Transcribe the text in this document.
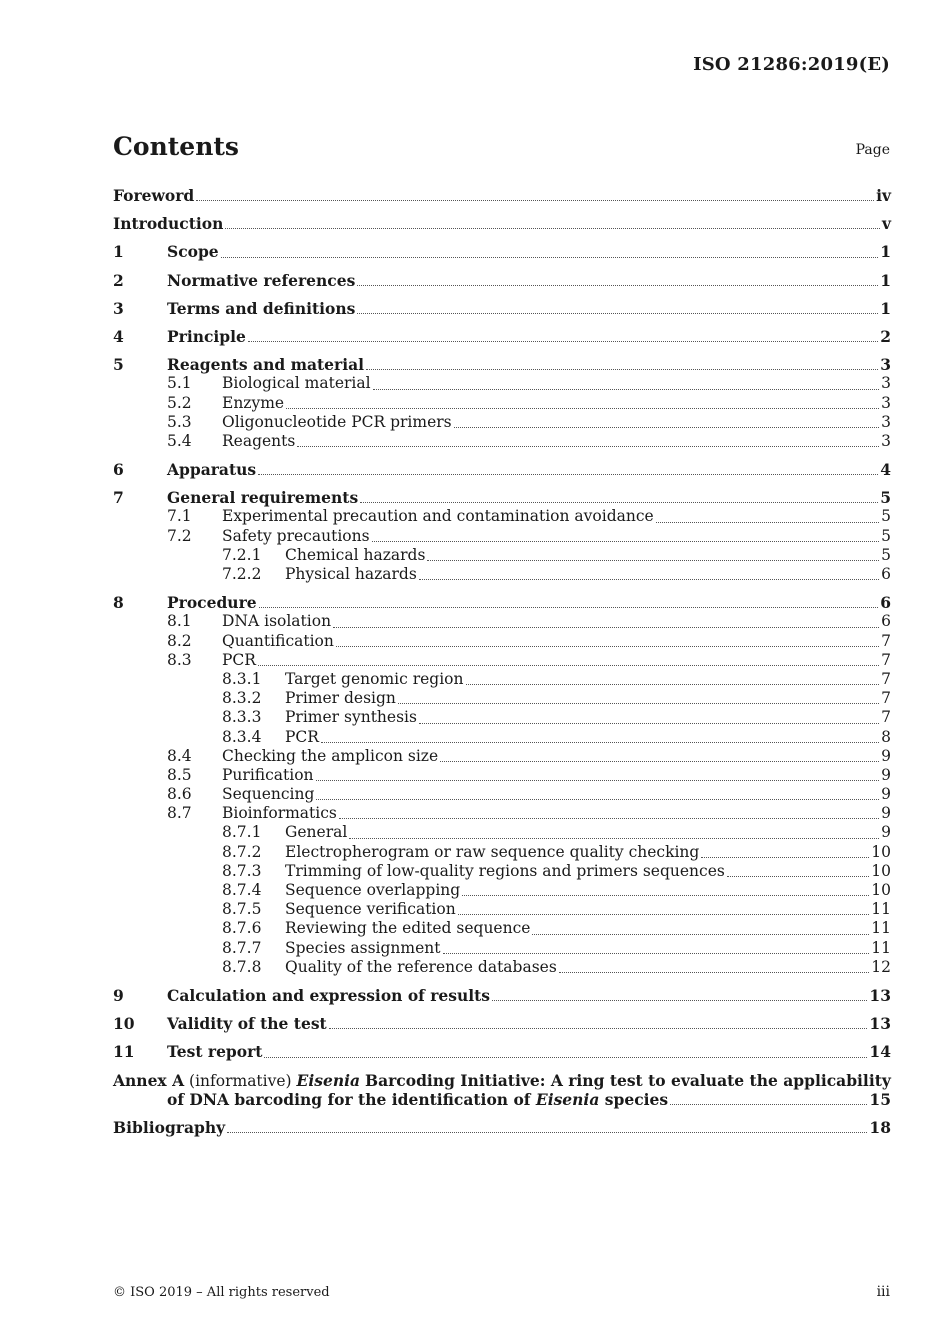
ISO 21286:2019(E)
Contents	Page
Foreword	iv
Introduction	v
1	Scope	1
2	Normative references	1
3	Terms and definitions	1
4	Principle	2
5	Reagents and material	3
5.1	Biological material	3
5.2	Enzyme	3
5.3	Oligonucleotide PCR primers	3
5.4	Reagents	3
6	Apparatus	4
7	General requirements	5
7.1	Experimental precaution and contamination avoidance	5
7.2	Safety precautions	5
7.2.1	Chemical hazards	5
7.2.2	Physical hazards	6
8	Procedure	6
8.1	DNA isolation	6
8.2	Quantification	7
8.3	PCR	7
8.3.1	Target genomic region	7
8.3.2	Primer design	7
8.3.3	Primer synthesis	7
8.3.4	PCR	8
8.4	Checking the amplicon size	9
8.5	Purification	9
8.6	Sequencing	9
8.7	Bioinformatics	9
8.7.1	General	9
8.7.2	Electropherogram or raw sequence quality checking	10
8.7.3	Trimming of low-quality regions and primers sequences	10
8.7.4	Sequence overlapping	10
8.7.5	Sequence verification	11
8.7.6	Reviewing the edited sequence	11
8.7.7	Species assignment	11
8.7.8	Quality of the reference databases	12
9	Calculation and expression of results	13
10	Validity of the test	13
11	Test report	14
Annex A (informative) Eisenia Barcoding Initiative: A ring test to evaluate the applicability
of DNA barcoding for the identification of Eisenia species	15
Bibliography	18
© ISO 2019 – All rights reserved	iii
